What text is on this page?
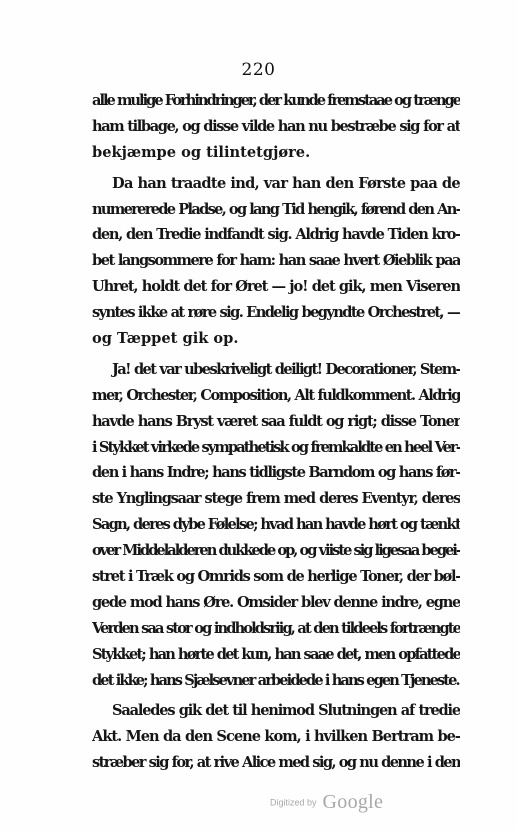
220
alle mulige Forhindringer, der kunde fremstaae og trænge
ham tilbage, og disse vilde han nu bestræbe sig for at
bekjæmpe og tilintetgjøre.
Da han traadte ind, var han den Første paa de
numererede Pladse, og lang Tid hengik, førend den An-
den, den Tredie indfandt sig. Aldrig havde Tiden kro-
bet langsommere for ham: han saae hvert Øieblik paa
Uhret, holdt det for Øret — jo! det gik, men Viseren
syntes ikke at røre sig. Endelig begyndte Orchestret, —
og Tæppet gik op.
Ja! det var ubeskriveligt deiligt! Decorationer, Stem-
mer, Orchester, Composition, Alt fuldkomment. Aldrig
havde hans Bryst været saa fuldt og rigt; disse Toner
i Stykket virkede sympathetisk og fremkaldte en heel Ver-
den i hans Indre; hans tidligste Barndom og hans før-
ste Ynglingsaar stege frem med deres Eventyr, deres
Sagn, deres dybe Følelse; hvad han havde hørt og tænkt
over Middelalderen dukkede op, og viiste sig ligesaa begei-
stret i Træk og Omrids som de herlige Toner, der bøl-
gede mod hans Øre. Omsider blev denne indre, egne
Verden saa stor og indholdsriig, at den tildeels fortrængte
Stykket; han hørte det kun, han saae det, men opfattede
det ikke; hans Sjælsevner arbeidede i hans egen Tjeneste.
Saaledes gik det til henimod Slutningen af tredie
Akt. Men da den Scene kom, i hvilken Bertram be-
stræber sig for, at rive Alice med sig, og nu denne i den
Digitized by Google
